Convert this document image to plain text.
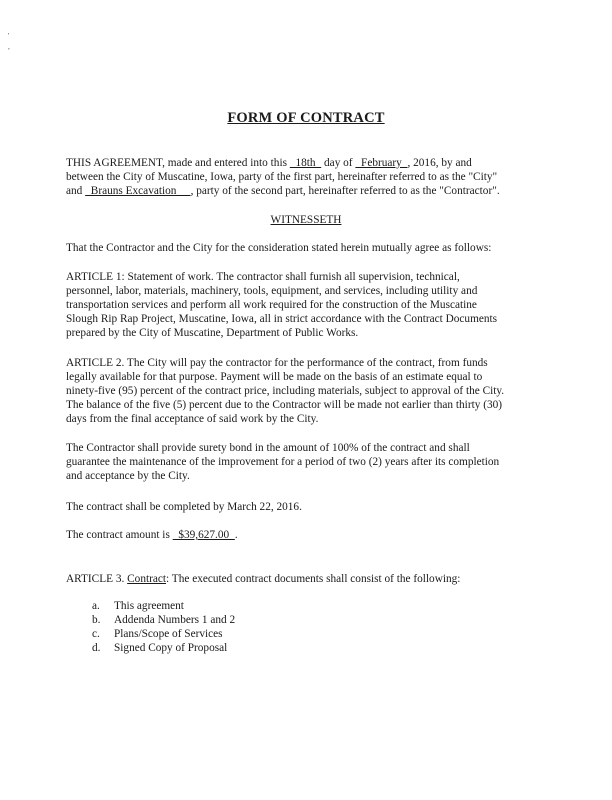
'
,
FORM OF CONTRACT
THIS AGREEMENT, made and entered into this   18th   day of   February  , 2016, by and
between the City of Muscatine, Iowa, party of the first part, hereinafter referred to as the "City"
and   Brauns Excavation     , party of the second part, hereinafter referred to as the "Contractor".
WITNESSETH
That the Contractor and the City for the consideration stated herein mutually agree as follows:
ARTICLE 1: Statement of work. The contractor shall furnish all supervision, technical,
personnel, labor, materials, machinery, tools, equipment, and services, including utility and
transportation services and perform all work required for the construction of the Muscatine
Slough Rip Rap Project, Muscatine, Iowa, all in strict accordance with the Contract Documents
prepared by the City of Muscatine, Department of Public Works.
ARTICLE 2. The City will pay the contractor for the performance of the contract, from funds
legally available for that purpose. Payment will be made on the basis of an estimate equal to
ninety-five (95) percent of the contract price, including materials, subject to approval of the City.
The balance of the five (5) percent due to the Contractor will be made not earlier than thirty (30)
days from the final acceptance of said work by the City.
The Contractor shall provide surety bond in the amount of 100% of the contract and shall
guarantee the maintenance of the improvement for a period of two (2) years after its completion
and acceptance by the City.
The contract shall be completed by March 22, 2016.
The contract amount is   $39,627.00  .
ARTICLE 3. Contract: The executed contract documents shall consist of the following:
a. This agreement
b. Addenda Numbers 1 and 2
c. Plans/Scope of Services
d. Signed Copy of Proposal
